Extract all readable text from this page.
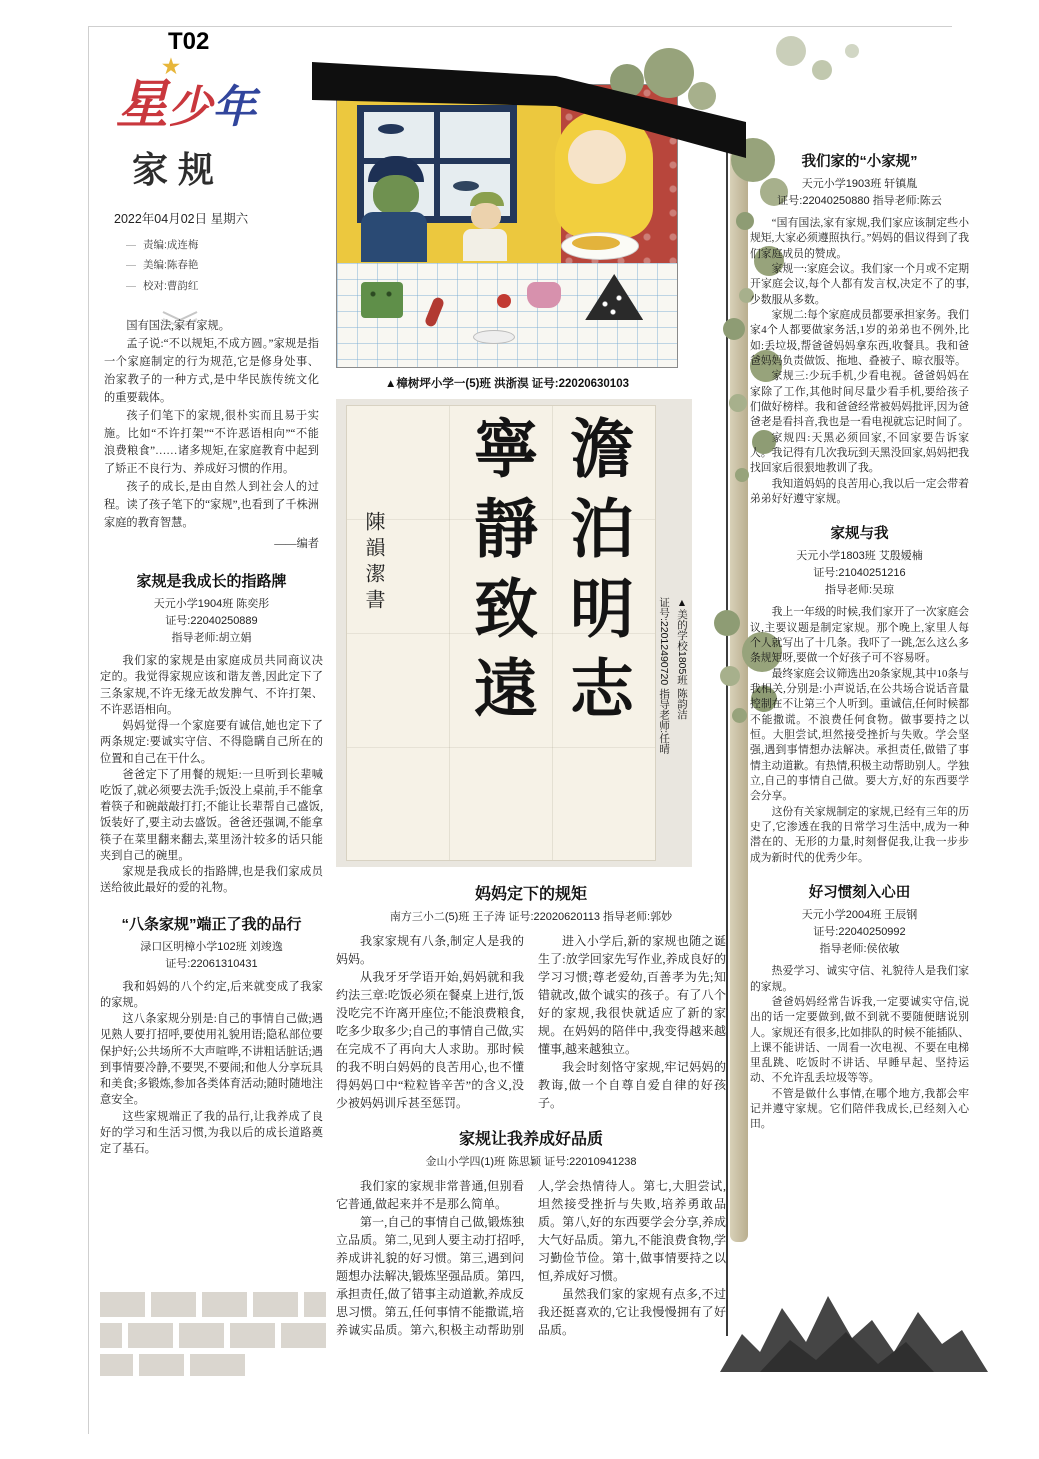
T02
★
星少年
家规
2022年04月02日 星期六
责编:成连梅
美编:陈春艳
校对:曹韵红

国有国法,家有家规。

孟子说:“不以规矩,不成方圆。”家规是指一个家庭制定的行为规范,它是修身处事、治家教子的一种方式,是中华民族传统文化的重要载体。

孩子们笔下的家规,很朴实而且易于实施。比如“不许打架”“不许恶语相向”“不能浪费粮食”……诸多规矩,在家庭教育中起到了矫正不良行为、养成好习惯的作用。

孩子的成长,是由自然人到社会人的过程。读了孩子笔下的“家规”,也看到了千株洲家庭的教育智慧。

——编者

家规是我成长的指路牌
天元小学1904班 陈奕彤
证号:22040250889
指导老师:胡立娟

我们家的家规是由家庭成员共同商议决定的。我觉得家规应该和谐友善,因此定下了三条家规,不许无缘无故发脾气、不许打架、不许恶语相向。

妈妈觉得一个家庭要有诚信,她也定下了两条规定:要诚实守信、不得隐瞒自己所在的位置和自己在干什么。

爸爸定下了用餐的规矩:一旦听到长辈喊吃饭了,就必须要去洗手;饭没上桌前,手不能拿着筷子和碗敲敲打打;不能让长辈帮自己盛饭,饭装好了,要主动去盛饭。爸爸还强调,不能拿筷子在菜里翻来翻去,菜里汤汁较多的话只能夹到自己的碗里。

家规是我成长的指路牌,也是我们家成员送给彼此最好的爱的礼物。

“八条家规”端正了我的品行
渌口区明樟小学102班 刘竣逸
证号:22061310431

我和妈妈的八个约定,后来就变成了我家的家规。

这八条家规分别是:自己的事情自己做;遇见熟人要打招呼,要使用礼貌用语;隐私部位要保护好;公共场所不大声喧哗,不讲粗话脏话;遇到事情要冷静,不要哭,不要闹;和他人分享玩具和美食;多锻炼,参加各类体育活动;随时随地注意安全。

这些家规端正了我的品行,让我养成了良好的学习和生活习惯,为我以后的成长道路奠定了基石。

▲樟树坪小学一(5)班 洪浙淏 证号:22020630103
澹泊明志
寧靜致遠
陳韻潔書
▲美的学校1805班 陈韵洁
证号:22012490720 指导老师:任晴
妈妈定下的规矩
南方三小二(5)班 王子涛 证号:22020620113 指导老师:郭妙

我家家规有八条,制定人是我的妈妈。

从我牙牙学语开始,妈妈就和我约法三章:吃饭必须在餐桌上进行,饭没吃完不许离开座位;不能浪费粮食,吃多少取多少;自己的事情自己做,实在完成不了再向大人求助。那时候的我不明白妈妈的良苦用心,也不懂得妈妈口中“粒粒皆辛苦”的含义,没少被妈妈训斥甚至惩罚。

进入小学后,新的家规也随之诞生了:放学回家先写作业,养成良好的学习习惯;尊老爱幼,百善孝为先;知错就改,做个诚实的孩子。有了八个好的家规,我很快就适应了新的家规。在妈妈的陪伴中,我变得越来越懂事,越来越独立。

我会时刻恪守家规,牢记妈妈的教诲,做一个自尊自爱自律的好孩子。

家规让我养成好品质
金山小学四(1)班 陈思颖 证号:22010941238

我们家的家规非常普通,但别看它普通,做起来并不是那么简单。

第一,自己的事情自己做,锻炼独立品质。第二,见到人要主动打招呼,养成讲礼貌的好习惯。第三,遇到问题想办法解决,锻炼坚强品质。第四,承担责任,做了错事主动道歉,养成反思习惯。第五,任何事情不能撒谎,培养诚实品质。第六,积极主动帮助别人,学会热情待人。第七,大胆尝试,坦然接受挫折与失败,培养勇敢品质。第八,好的东西要学会分享,养成大气好品质。第九,不能浪费食物,学习勤俭节俭。第十,做事情要持之以恒,养成好习惯。

虽然我们家的家规有点多,不过我还挺喜欢的,它让我慢慢拥有了好品质。

我们家的“小家规”
天元小学1903班 轩镇胤
证号:22040250880 指导老师:陈云

“国有国法,家有家规,我们家应该制定些小规矩,大家必须遵照执行。”妈妈的倡议得到了我们家庭成员的赞成。

家规一:家庭会议。我们家一个月或不定期开家庭会议,每个人都有发言权,决定不了的事,少数服从多数。

家规二:每个家庭成员都要承担家务。我们家4个人都要做家务活,1岁的弟弟也不例外,比如:丢垃圾,帮爸爸妈妈拿东西,收餐具。我和爸爸妈妈负责做饭、拖地、叠被子、晾衣服等。

家规三:少玩手机,少看电视。爸爸妈妈在家除了工作,其他时间尽量少看手机,要给孩子们做好榜样。我和爸爸经常被妈妈批评,因为爸爸老是看抖音,我也是一看电视就忘记时间了。

家规四:天黑必须回家,不回家要告诉家人。我记得有几次我玩到天黑没回家,妈妈把我找回家后很狠地教训了我。

我知道妈妈的良苦用心,我以后一定会带着弟弟好好遵守家规。

家规与我
天元小学1803班 艾殷嫒楠
证号:21040251216
指导老师:吴琼

我上一年级的时候,我们家开了一次家庭会议,主要议题是制定家规。那个晚上,家里人每个人就写出了十几条。我吓了一跳,怎么这么多条规矩呀,要做一个好孩子可不容易呀。

最终家庭会议筛选出20条家规,其中10条与我相关,分别是:小声说话,在公共场合说话音量控制在不让第三个人听到。重诚信,任何时候都不能撒谎。不浪费任何食物。做事要持之以恒。大胆尝试,坦然接受挫折与失败。学会坚强,遇到事情想办法解决。承担责任,做错了事情主动道歉。有热情,积极主动帮助别人。学独立,自己的事情自己做。要大方,好的东西要学会分享。

这份有关家规制定的家规,已经有三年的历史了,它渗透在我的日常学习生活中,成为一种潜在的、无形的力量,时刻督促我,让我一步步成为新时代的优秀少年。

好习惯刻入心田
天元小学2004班 王辰钢
证号:22040250992
指导老师:侯依敏

热爱学习、诚实守信、礼貌待人是我们家的家规。

爸爸妈妈经常告诉我,一定要诚实守信,说出的话一定要做到,做不到就不要随便瞎说别人。家规还有很多,比如排队的时候不能插队、上课不能讲话、一周看一次电视、不要在电梯里乱跳、吃饭时不讲话、早睡早起、坚持运动、不允许乱丢垃圾等等。

不管是做什么事情,在哪个地方,我都会牢记并遵守家规。它们陪伴我成长,已经刻入心田。
